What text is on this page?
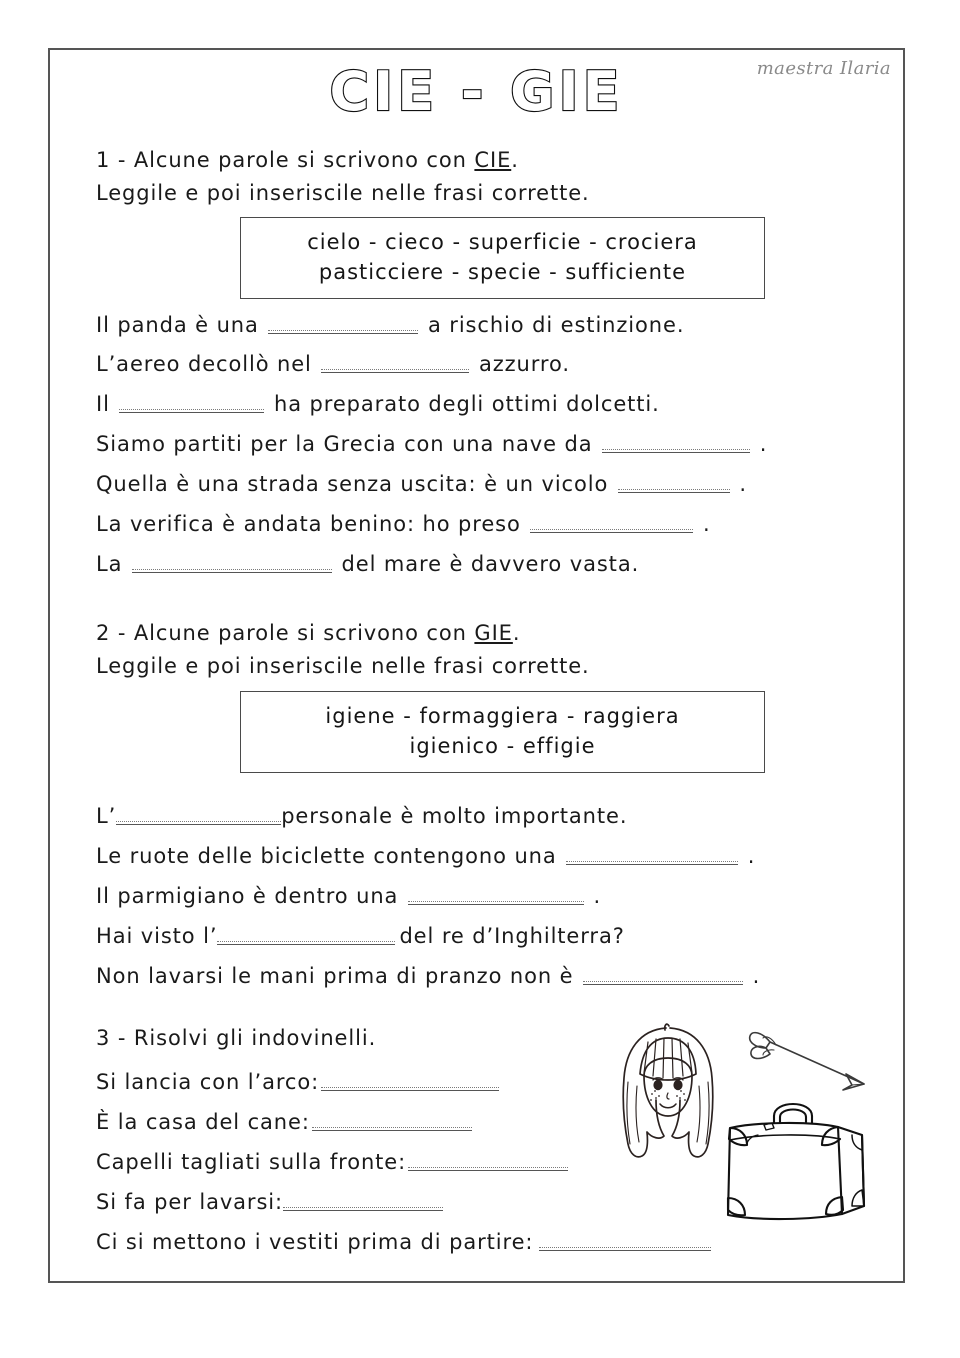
CIE - GIE	maestra Ilaria
1 - Alcune parole si scrivono con CIE.
Leggile e poi inseriscile nelle frasi corrette.
cielo - cieco - superficie - crociera
pasticciere - specie - sufficiente
Il panda è una	a rischio di estinzione.
L’aereo decollò nel	azzurro.
Il	ha preparato degli ottimi dolcetti.
Siamo partiti per la Grecia con una nave da	.
Quella è una strada senza uscita: è un vicolo	.
La verifica è andata benino: ho preso	.
La	del mare è davvero vasta.
2 - Alcune parole si scrivono con GIE.
Leggile e poi inseriscile nelle frasi corrette.
igiene - formaggiera - raggiera
igienico - effigie
L’	personale è molto importante.
Le ruote delle biciclette contengono una	.
Il parmigiano è dentro una	.
Hai visto l’	del re d’Inghilterra?
Non lavarsi le mani prima di pranzo non è	.
3 - Risolvi gli indovinelli.
Si lancia con l’arco:
È la casa del cane:
Capelli tagliati sulla fronte:
Si fa per lavarsi:
Ci si mettono i vestiti prima di partire:
